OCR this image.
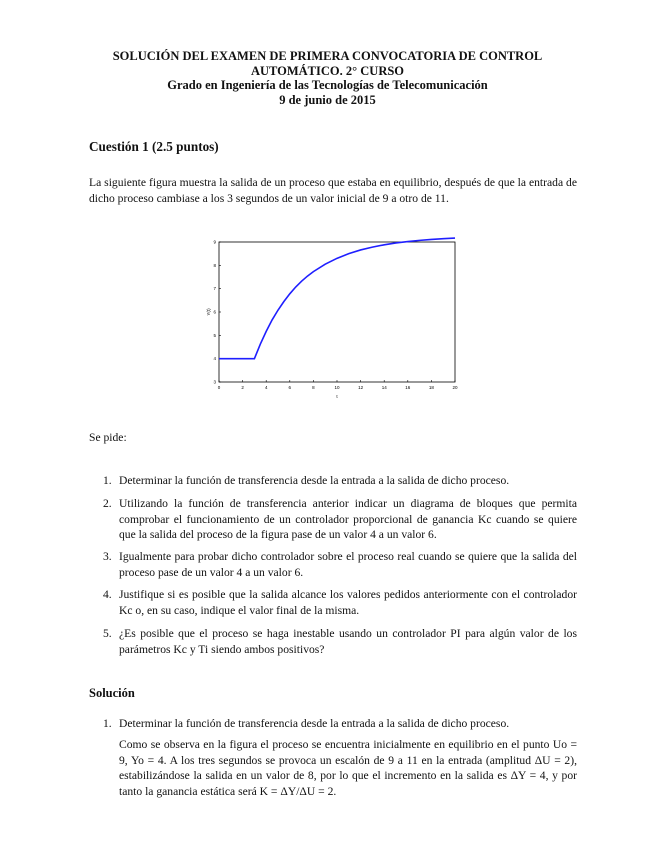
SOLUCIÓN DEL EXAMEN DE PRIMERA CONVOCATORIA DE CONTROL
AUTOMÁTICO. 2° CURSO
Grado en Ingeniería de las Tecnologías de Telecomunicación
9 de junio de 2015
Cuestión 1 (2.5 puntos)
La siguiente figura muestra la salida de un proceso que estaba en equilibrio, después de que la entrada de dicho proceso cambiase a los 3 segundos de un valor inicial de 9 a otro de 11.
0	2	4	6	8	10	12	14	16	18	20
3
4
5
6
7
8
9
t
Y(t)
Se pide:
1. Determinar la función de transferencia desde la entrada a la salida de dicho proceso.
2. Utilizando la función de transferencia anterior indicar un diagrama de bloques que permita comprobar el funcionamiento de un controlador proporcional de ganancia Kc cuando se quiere que la salida del proceso de la figura pase de un valor 4 a un valor 6.
3. Igualmente para probar dicho controlador sobre el proceso real cuando se quiere que la salida del proceso pase de un valor 4 a un valor 6.
4. Justifique si es posible que la salida alcance los valores pedidos anteriormente con el controlador Kc o, en su caso, indique el valor final de la misma.
5. ¿Es posible que el proceso se haga inestable usando un controlador PI para algún valor de los parámetros Kc y Ti siendo ambos positivos?
Solución
1. Determinar la función de transferencia desde la entrada a la salida de dicho proceso.
Como se observa en la figura el proceso se encuentra inicialmente en equilibrio en el punto Uo = 9, Yo = 4. A los tres segundos se provoca un escalón de 9 a 11 en la entrada (amplitud ΔU = 2), estabilizándose la salida en un valor de 8, por lo que el incremento en la salida es ΔY = 4, y por tanto la ganancia estática será K = ΔY/ΔU = 2.
